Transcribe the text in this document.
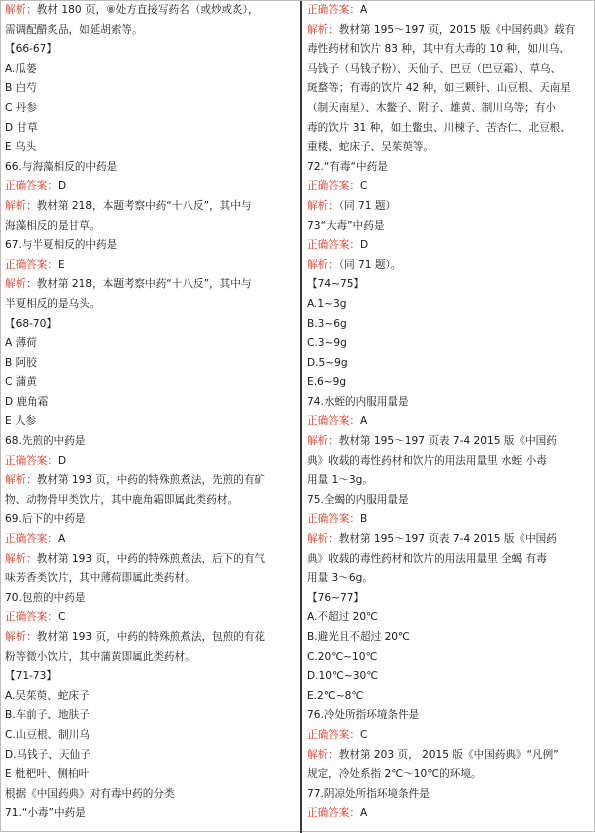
解析：教材 180 页，⑧处方直接写药名（或炒或炙），
需调配醋炙品，如延胡索等。
【66-67】
A.瓜蒌
B 白芍
C 丹参
D 甘草
E 乌头
66.与海藻相反的中药是
正确答案：D
解析：教材第 218，本题考察中药“十八反”，其中与
海藻相反的是甘草。
67.与半夏相反的中药是
正确答案：E
解析：教材第 218，本题考察中药“十八反”，其中与
半夏相反的是乌头。
【68-70】
A 薄荷
B 阿胶
C 蒲黄
D 鹿角霜
E 人参
68.先煎的中药是
正确答案：D
解析：教材第 193 页，中药的特殊煎煮法，先煎的有矿
物、动物骨甲类饮片，其中鹿角霜即属此类药材。
69.后下的中药是
正确答案：A
解析：教材第 193 页，中药的特殊煎煮法，后下的有气
味芳香类饮片，其中薄荷即属此类药材。
70.包煎的中药是
正确答案：C
解析：教材第 193 页，中药的特殊煎煮法，包煎的有花
粉等微小饮片，其中蒲黄即属此类药材。
【71-73】
A.吴茱萸、蛇床子
B.车前子、地肤子
C.山豆根、制川乌
D.马钱子、天仙子
E 枇杷叶、侧柏叶
根据《中国药典》对有毒中药的分类
71.“小毒”中药是
正确答案：A
解析：教材第 195～197 页，2015 版《中国药典》载有
毒性药材和饮片 83 种，其中有大毒的 10 种，如川乌、
马钱子（马钱子粉）、天仙子、巴豆（巴豆霜）、草乌、
斑蝥等；有毒的饮片 42 种，如三颗针、山豆根、天南星
（制天南星）、木鳖子、附子、雄黄、制川乌等；有小
毒的饮片 31 种，如土鳖虫、川楝子、苦杏仁、北豆根、
重楼、蛇床子、吴茱萸等。
72.“有毒“中药是
正确答案：C
解析：（同 71 题）
73“大毒”中药是
正确答案：D
解析：（同 71 题）。
【74~75】
A.1~3g
B.3~6g
C.3~9g
D.5~9g
E.6~9g
74.水蛭的内服用量是
正确答案：A
解析：教材第 195～197 页表 7-4 2015 版《中国药
典》收载的毒性药材和饮片的用法用量里 水蛭 小毒
用量 1～3g。
75.全蝎的内服用量是
正确答案：B
解析：教材第 195～197 页表 7-4 2015 版《中国药
典》收载的毒性药材和饮片的用法用量里 全蝎 有毒
用量 3～6g。
【76~77】
A.不超过 20℃
B.避光且不超过 20℃
C.20℃~10℃
D.10℃~30℃
E.2℃~8℃
76.冷处所指环境条件是
正确答案：C
解析：教材第 203 页， 2015 版《中国药典》“凡例”
规定，冷处系指 2℃～10℃的环境。
77.阴凉处所指环境条件是
正确答案：A
